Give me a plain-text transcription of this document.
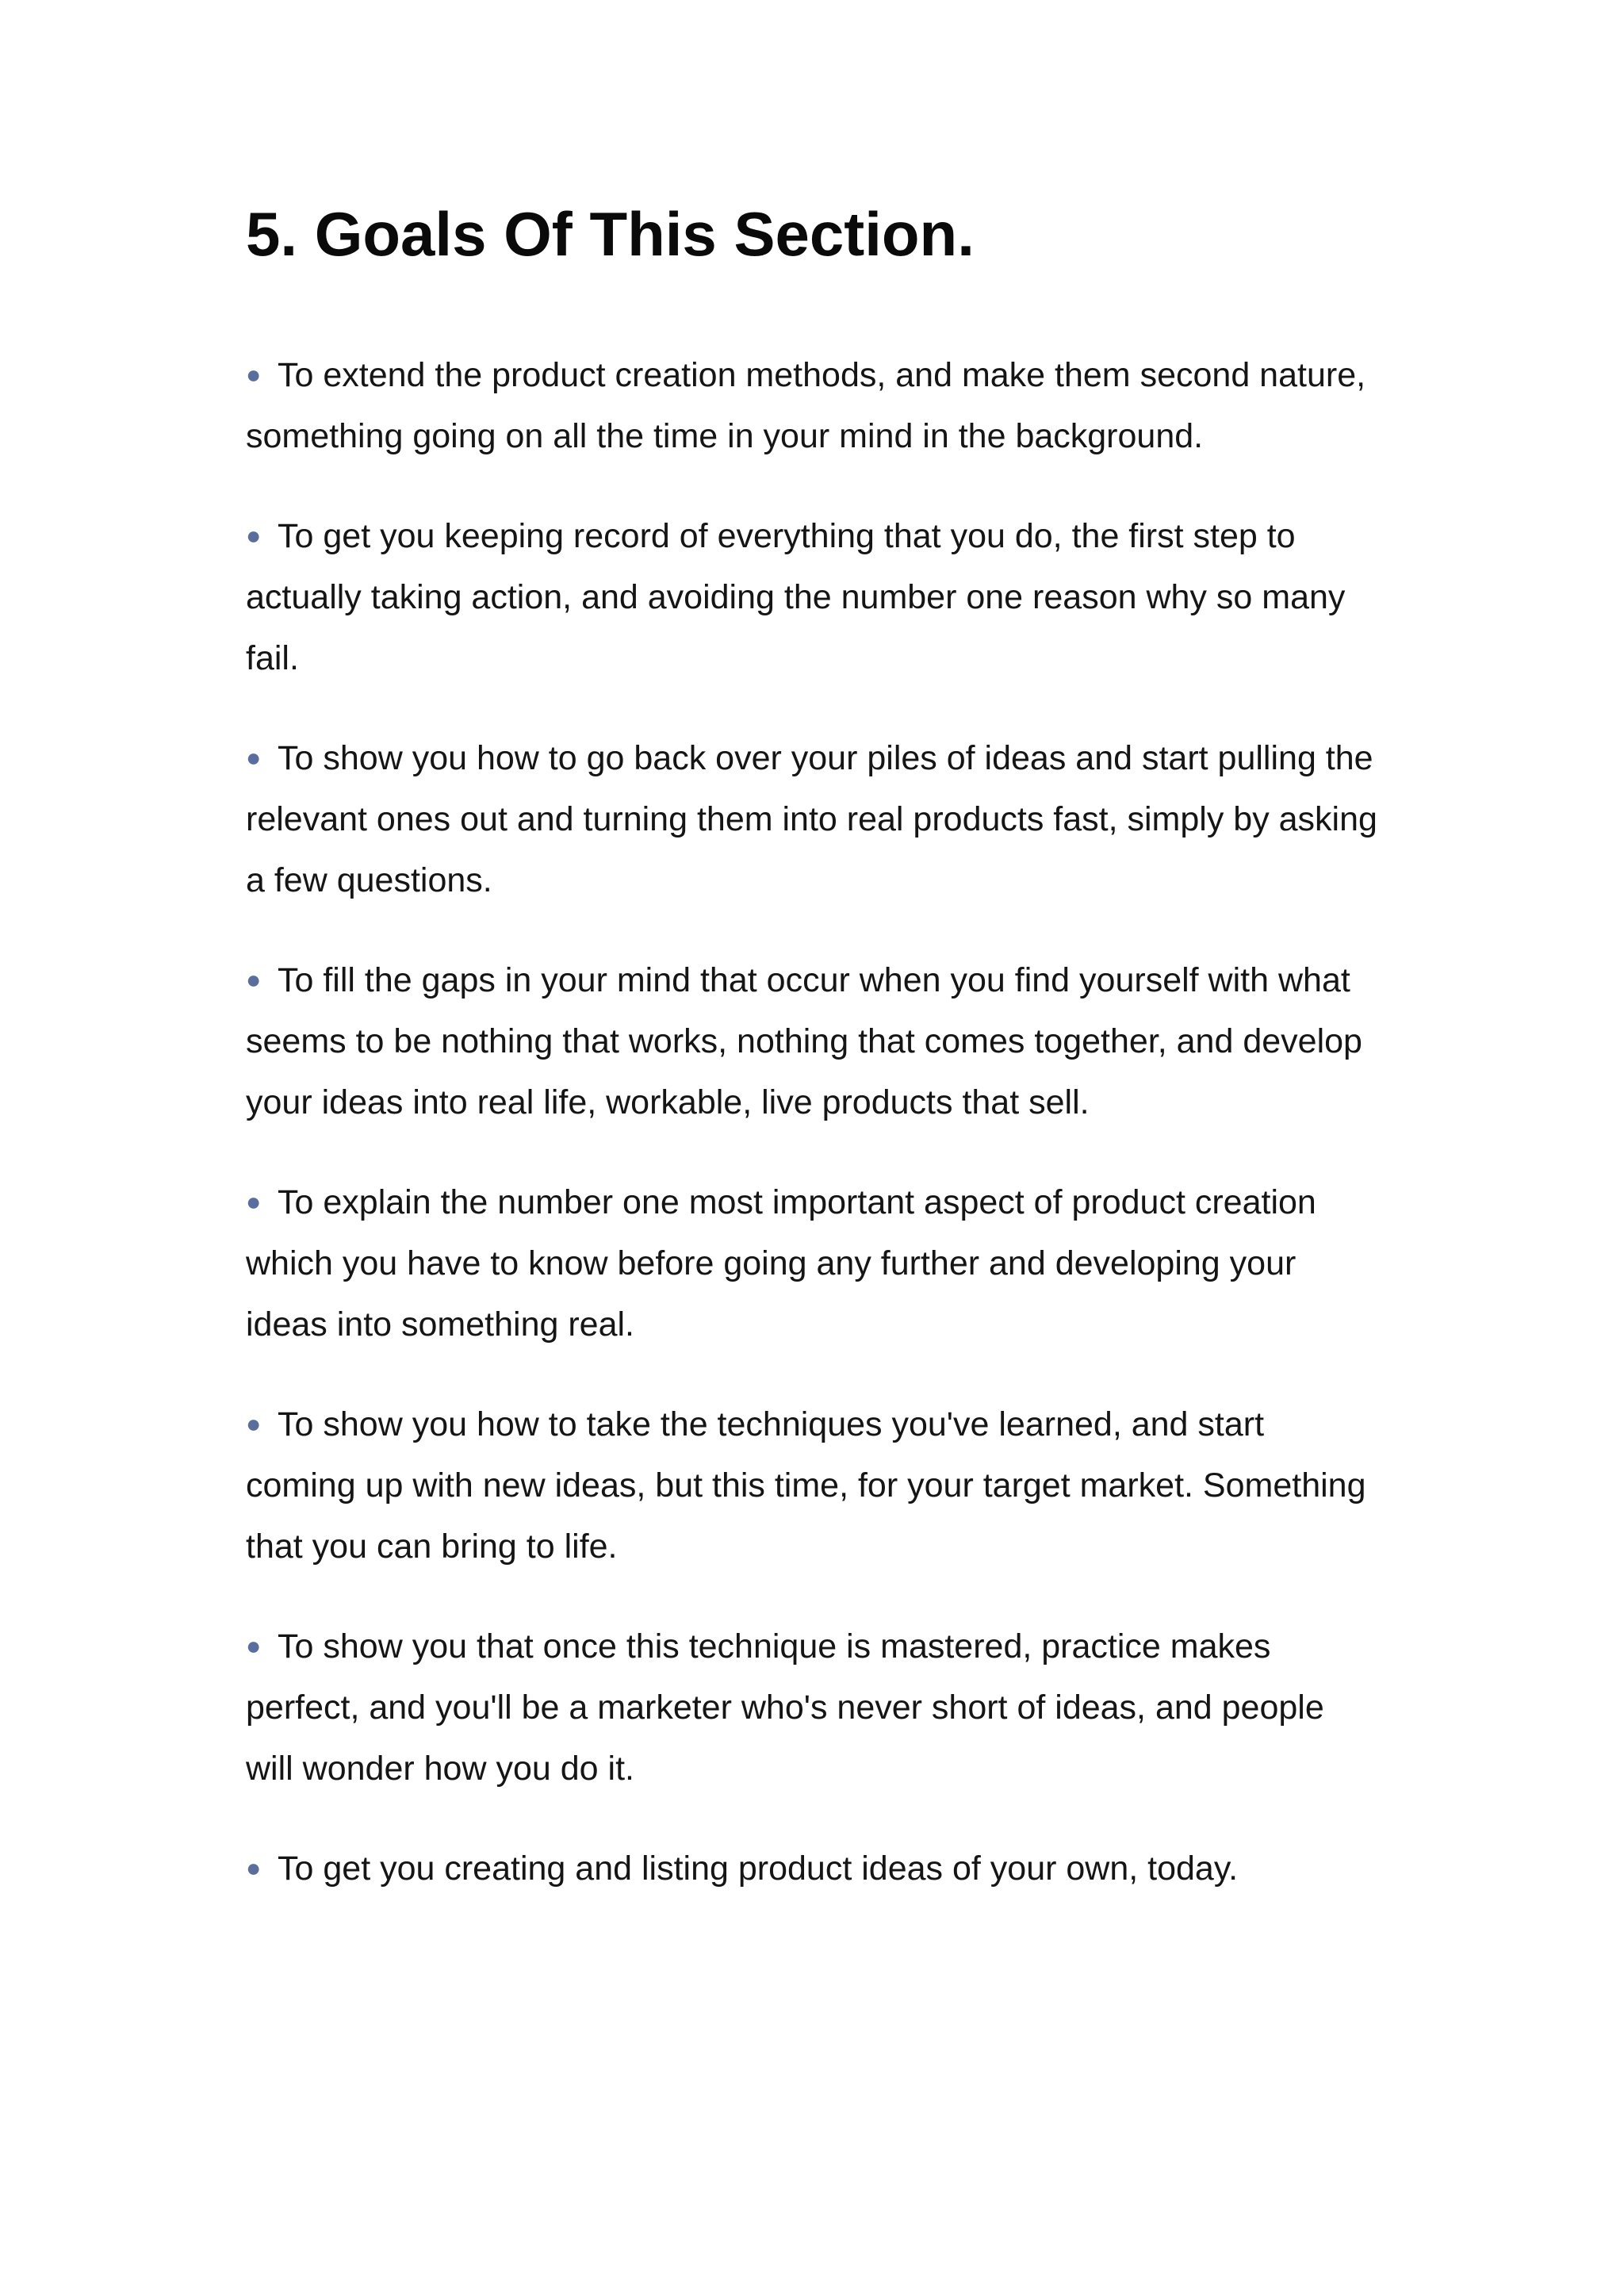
5. Goals Of This Section.
● To extend the product creation methods, and make them second nature, something going on all the time in your mind in the background.
● To get you keeping record of everything that you do, the first step to actually taking action, and avoiding the number one reason why so many fail.
● To show you how to go back over your piles of ideas and start pulling the relevant ones out and turning them into real products fast, simply by asking a few questions.
● To fill the gaps in your mind that occur when you find yourself with what seems to be nothing that works, nothing that comes together, and develop your ideas into real life, workable, live products that sell.
● To explain the number one most important aspect of product creation which you have to know before going any further and developing your ideas into something real.
● To show you how to take the techniques you've learned, and start coming up with new ideas, but this time, for your target market. Something that you can bring to life.
● To show you that once this technique is mastered, practice makes perfect, and you'll be a marketer who's never short of ideas, and people will wonder how you do it.
● To get you creating and listing product ideas of your own, today.
